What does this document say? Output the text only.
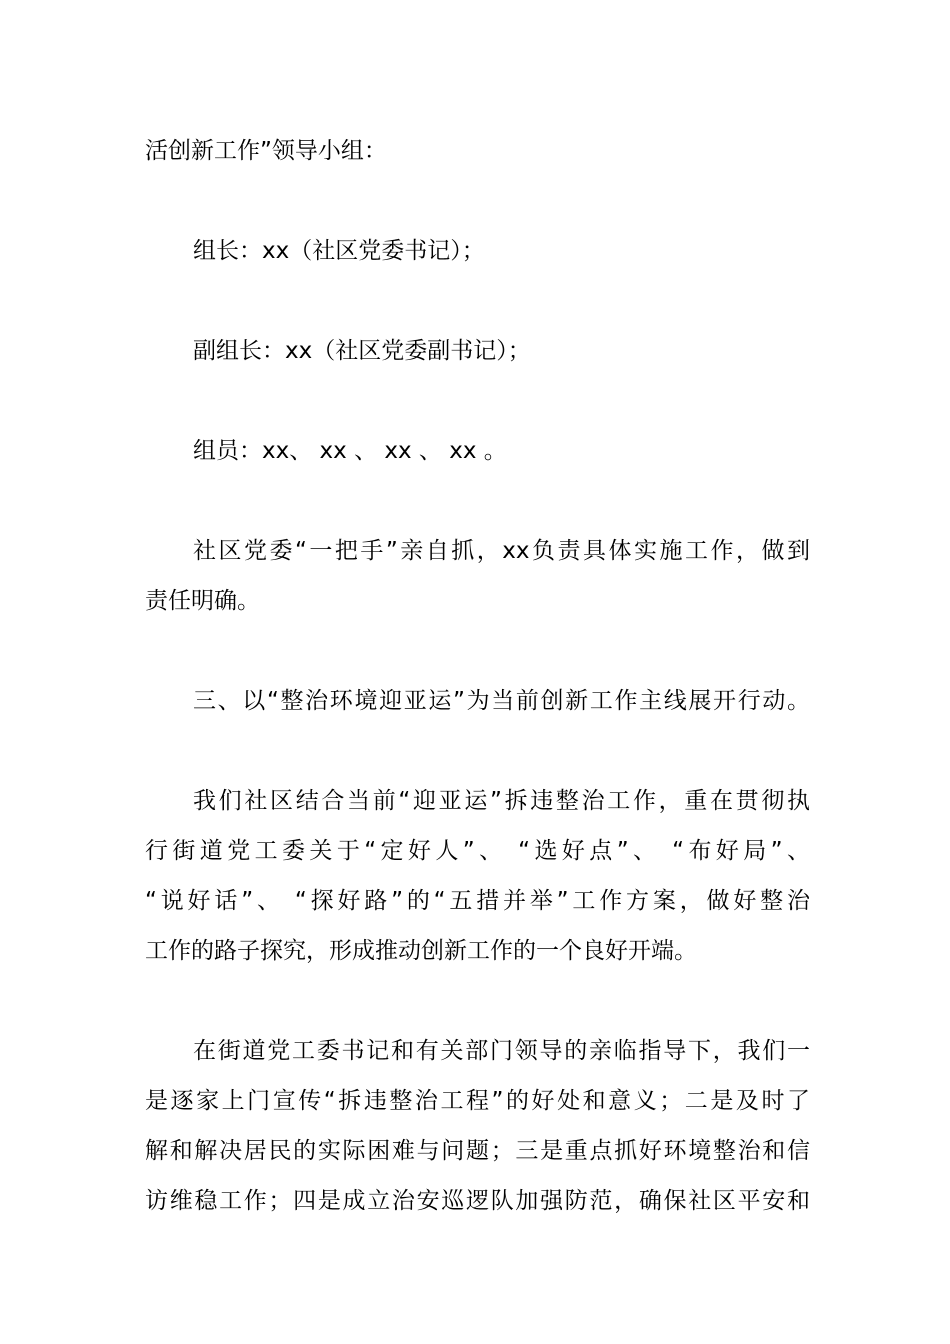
活创新工作”领导小组：

组长：xx（社区党委书记）；

副组长：xx（社区党委副书记）；

组员：xx、 xx 、 xx 、 xx 。

社区党委“一把手”亲自抓，xx负责具体实施工作，做到

责任明确。

三、以“整治环境迎亚运”为当前创新工作主线展开行动。

我们社区结合当前“迎亚运”拆违整治工作，重在贯彻执

行街道党工委关于“定好人”、 “选好点”、 “布好局”、

“说好话”、 “探好路”的“五措并举”工作方案，做好整治

工作的路子探究，形成推动创新工作的一个良好开端。

在街道党工委书记和有关部门领导的亲临指导下，我们一

是逐家上门宣传“拆违整治工程”的好处和意义；二是及时了

解和解决居民的实际困难与问题；三是重点抓好环境整治和信

访维稳工作；四是成立治安巡逻队加强防范，确保社区平安和
